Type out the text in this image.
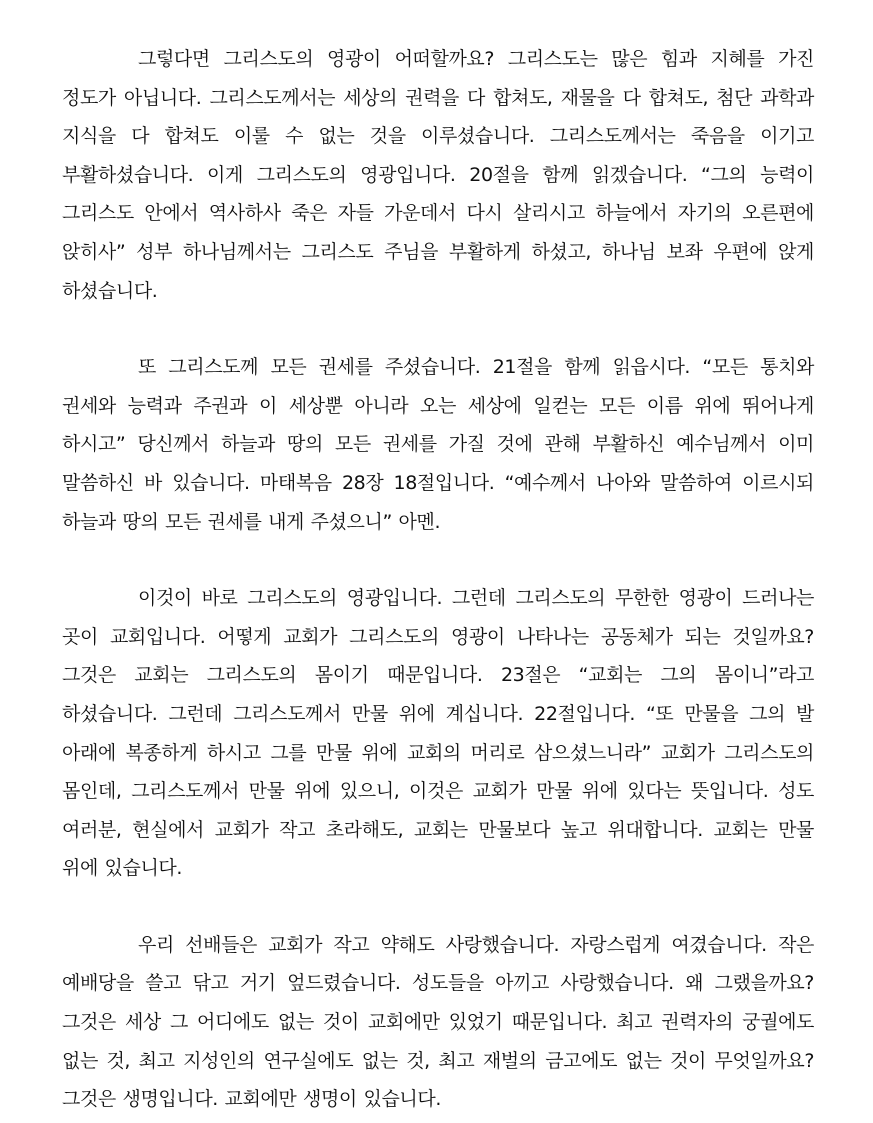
그렇다면 그리스도의 영광이 어떠할까요? 그리스도는 많은 힘과 지혜를 가진 정도가 아닙니다. 그리스도께서는 세상의 권력을 다 합쳐도, 재물을 다 합쳐도, 첨단 과학과 지식을 다 합쳐도 이룰 수 없는 것을 이루셨습니다. 그리스도께서는 죽음을 이기고 부활하셨습니다. 이게 그리스도의 영광입니다. 20절을 함께 읽겠습니다. “그의 능력이 그리스도 안에서 역사하사 죽은 자들 가운데서 다시 살리시고 하늘에서 자기의 오른편에 앉히사” 성부 하나님께서는 그리스도 주님을 부활하게 하셨고, 하나님 보좌 우편에 앉게 하셨습니다.

또 그리스도께 모든 권세를 주셨습니다. 21절을 함께 읽읍시다. “모든 통치와 권세와 능력과 주권과 이 세상뿐 아니라 오는 세상에 일컫는 모든 이름 위에 뛰어나게 하시고” 당신께서 하늘과 땅의 모든 권세를 가질 것에 관해 부활하신 예수님께서 이미 말씀하신 바 있습니다. 마태복음 28장 18절입니다. “예수께서 나아와 말씀하여 이르시되 하늘과 땅의 모든 권세를 내게 주셨으니” 아멘.

이것이 바로 그리스도의 영광입니다. 그런데 그리스도의 무한한 영광이 드러나는 곳이 교회입니다. 어떻게 교회가 그리스도의 영광이 나타나는 공동체가 되는 것일까요? 그것은 교회는 그리스도의 몸이기 때문입니다. 23절은 “교회는 그의 몸이니”라고 하셨습니다. 그런데 그리스도께서 만물 위에 계십니다. 22절입니다. “또 만물을 그의 발 아래에 복종하게 하시고 그를 만물 위에 교회의 머리로 삼으셨느니라” 교회가 그리스도의 몸인데, 그리스도께서 만물 위에 있으니, 이것은 교회가 만물 위에 있다는 뜻입니다. 성도 여러분, 현실에서 교회가 작고 초라해도, 교회는 만물보다 높고 위대합니다. 교회는 만물 위에 있습니다.

우리 선배들은 교회가 작고 약해도 사랑했습니다. 자랑스럽게 여겼습니다. 작은 예배당을 쓸고 닦고 거기 엎드렸습니다. 성도들을 아끼고 사랑했습니다. 왜 그랬을까요? 그것은 세상 그 어디에도 없는 것이 교회에만 있었기 때문입니다. 최고 권력자의 궁궐에도 없는 것, 최고 지성인의 연구실에도 없는 것, 최고 재벌의 금고에도 없는 것이 무엇일까요? 그것은 생명입니다. 교회에만 생명이 있습니다.
